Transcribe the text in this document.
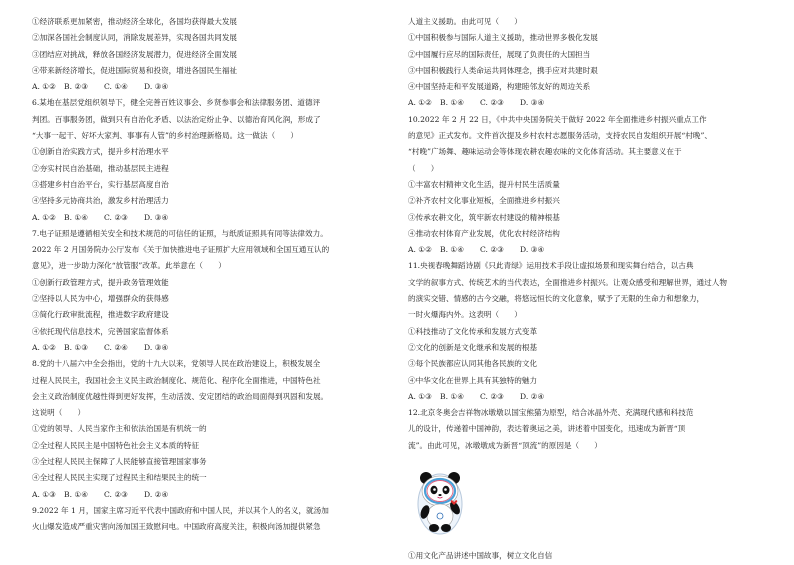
①经济联系更加紧密，推动经济全球化，各国均获得最大发展
②加深各国社会制度认同，消除发展差异，实现各国共同发展
③团结应对挑战，释放各国经济发展潜力，促进经济全面发展
④带来新经济增长，促进国际贸易和投资，增进各国民生福祉
A. ①②	B. ②③	C. ①④	D. ③④
6.某地在基层党组织领导下，健全完善百姓议事会、乡贤参事会和法律服务团、道德评
判团。百事服务团，做到只有自治化矛盾、以法治定纷止争、以德治育风化润，形成了
“大事一起干、好坏大家判、事事有人管”的乡村治理新格局。这一做法（　　）
①创新自治实践方式，提升乡村治理水平
②夯实村民自治基础，推动基层民主进程
③搭建乡村自治平台，实行基层高度自治
④坚持多元协商共治，激发乡村治理活力
A. ①②	B. ①④	C. ②③	D. ③④
7.电子证照是遵循相关安全和技术规范的可信任的证照，与纸质证照具有同等法律效力。
2022 年 2 月国务院办公厅发布《关于加快推进电子证照扩大应用领域和全国互通互认的
意见》，进一步助力深化“放管服”改革。此举意在（　　）
①创新行政管理方式，提升政务管理效能
②坚持以人民为中心，增强群众的获得感
③简化行政审批流程，推进数字政府建设
④依托现代信息技术，完善国家监督体系
A. ①②	B. ①③	C. ②④	D. ③④
8.党的十八届六中全会指出，党的十九大以来，党领导人民在政治建设上，积极发展全
过程人民民主，我国社会主义民主政治制度化、规范化、程序化全面推进，中国特色社
会主义政治制度优越性得到更好发挥，生动活泼、安定团结的政治局面得到巩固和发展。
这说明（　　）
①党的领导、人民当家作主和依法治国是有机统一的
②全过程人民民主是中国特色社会主义本质的特征
③全过程人民民主保障了人民能够直接管理国家事务
④全过程人民民主实现了过程民主和结果民主的统一
A. ①③	B. ①④	C. ②③	D. ②④
9.2022 年 1 月，国家主席习近平代表中国政府和中国人民，并以其个人的名义，就汤加
火山爆发造成严重灾害向汤加国王致慰问电。中国政府高度关注，积极向汤加提供紧急
人道主义援助。由此可见（　　）
①中国积极参与国际人道主义援助，推动世界多极化发展
②中国履行应尽的国际责任，展现了负责任的大国担当
③中国积极践行人类命运共同体理念，携手应对共建时艰
④中国坚持走和平发展道路，构建睦邻友好的周边关系
A. ①②	B. ①④	C. ②③	D. ③④
10.2022 年 2 月 22 日，《中共中央国务院关于做好 2022 年全面推进乡村振兴重点工作
的意见》正式发布。文件首次提及乡村农村志愿服务活动，支持农民自发组织开展“村晚”、
“村晚”广场舞、趣味运动会等体现农耕农趣农味的文化体育活动。其主要意义在于
（　　）
①丰富农村精神文化生活，提升村民生活质量
②补齐农村文化事业短板，全面推进乡村振兴
③传承农耕文化，筑牢新农村建设的精神根基
④推动农村体育产业发展，优化农村经济结构
A. ①②	B. ①④	C. ②③	D. ③④
11.央视春晚舞蹈诗剧《只此青绿》运用技术手段让虚拟场景和现实舞台结合，以古典
文学的叙事方式、传统艺术的当代表达，全面推进乡村振兴。让观众感受和理解世界，通过人物
的演实交错、情感的古今交融，将悠远恒长的文化意象，赋予了无限的生命力和想象力，
一时火爆海内外。这表明（　　）
①科技推动了文化传承和发展方式变革
②文化的创新是文化继承和发展的根基
③每个民族都应认同其他各民族的文化
④中华文化在世界上具有其独特的魅力
A. ①③	B. ①④	C. ②③	D. ②④
12.北京冬奥会吉祥物冰墩墩以国宝熊猫为原型，结合冰晶外壳、充满现代感和科技范
儿的设计，传递着中国神韵，表达着奥运之美，讲述着中国变化，迅速成为新晋“顶
流”。由此可见，冰墩墩成为新晋“顶流”的原因是（　　）
①用文化产品讲述中国故事，树立文化自信
